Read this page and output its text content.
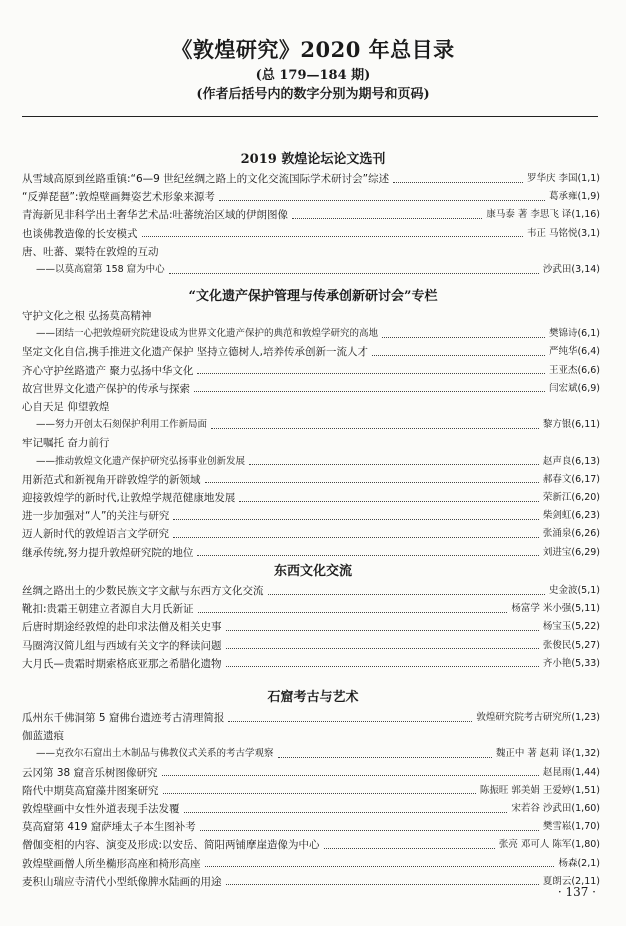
《敦煌研究》2020 年总目录
(总 179—184 期)
(作者后括号内的数字分别为期号和页码)
2019 敦煌论坛论文选刊
从雪域高原到丝路重镇:“6—9 世纪丝绸之路上的文化交流国际学术研讨会”综述	罗华庆 李国(1,1)
“反弹琵琶”:敦煌壁画舞姿艺术形象来源考	葛承雍(1,9)
青海新见非科学出土奢华艺术品:吐蕃统治区域的伊朗图像	康马泰 著 李思飞 译(1,16)
也谈佛教造像的长安模式	韦正 马铭悦(3,1)
唐、吐蕃、粟特在敦煌的互动
——以莫高窟第 158 窟为中心	沙武田(3,14)
“文化遗产保护管理与传承创新研讨会”专栏
守护文化之根 弘扬莫高精神
——团结一心把敦煌研究院建设成为世界文化遗产保护的典范和敦煌学研究的高地	樊锦诗(6,1)
坚定文化自信,携手推进文化遗产保护 坚持立德树人,培养传承创新一流人才	严纯华(6,4)
齐心守护丝路遗产 聚力弘扬中华文化	王亚杰(6,6)
故宫世界文化遗产保护的传承与探索	闫宏斌(6,9)
心自天足 仰望敦煌
——努力开创太石刻保护利用工作新局面	黎方银(6,11)
牢记嘱托 奋力前行
——推动敦煌文化遗产保护研究弘扬事业创新发展	赵声良(6,13)
用新范式和新视角开辟敦煌学的新领域	郝春文(6,17)
迎接敦煌学的新时代,让敦煌学规范健康地发展	荣新江(6,20)
进一步加强对“人”的关注与研究	柴剑虹(6,23)
迈人新时代的敦煌语言文学研究	张涌泉(6,26)
继承传统,努力提升敦煌研究院的地位	刘进宝(6,29)
东西文化交流
丝绸之路出土的少数民族文字文献与东西方文化交流	史金波(5,1)
靴扣:贵霜王朝建立者源自大月氏新证	杨富学 米小强(5,11)
后唐时期途经敦煌的赴印求法僧及相关史事	杨宝玉(5,22)
马圈湾汉简儿组与西域有关文字的释读问题	张俊民(5,27)
大月氏—贵霜时期索格底亚那之希腊化遗物	齐小艳(5,33)
石窟考古与艺术
瓜州东千佛洞第 5 窟佛台遗迹考古清理简报	敦煌研究院考古研究所(1,23)
伽蓝遗痕
——克孜尔石窟出土木制品与佛教仪式关系的考古学观察	魏正中 著 赵莉 译(1,32)
云冈第 38 窟音乐树图像研究	赵昆雨(1,44)
隋代中期莫高窟藻井图案研究	陈振旺 郭美娟 王爱婷(1,51)
敦煌壁画中女性外道表现手法发覆	宋若谷 沙武田(1,60)
莫高窟第 419 窟萨埵太子本生图补考	樊雪崧(1,70)
僧伽变相的内容、演变及形成:以安岳、简阳两铺摩崖造像为中心	张亮 邓可人 陈军(1,80)
敦煌壁画僧人所坐椭形高座和椅形高座	杨森(2,1)
麦积山瑞应寺清代小型纸像脾水陆画的用途	夏朗云(2,11)
· 137 ·
